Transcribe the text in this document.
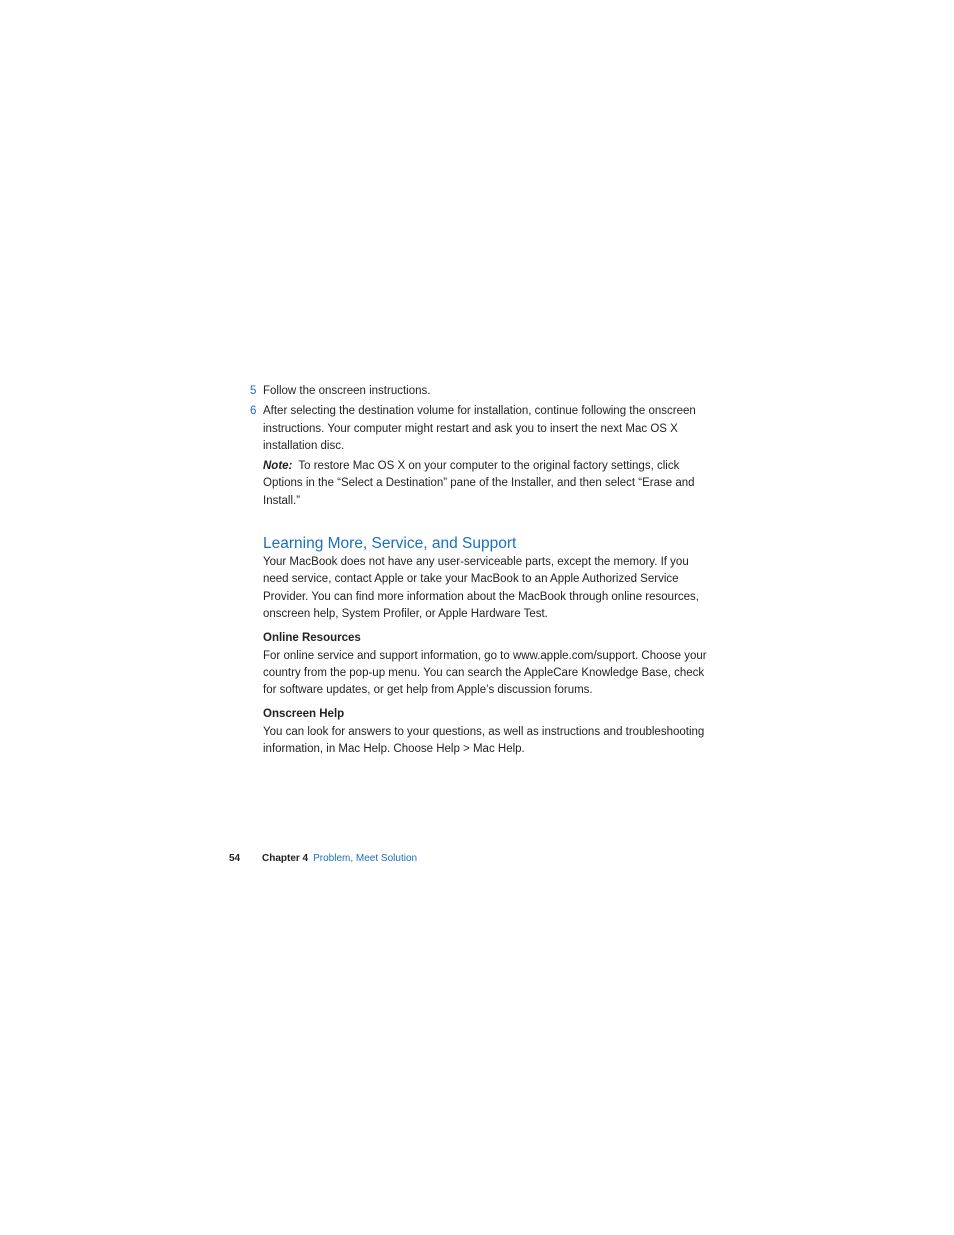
5 Follow the onscreen instructions.
6 After selecting the destination volume for installation, continue following the onscreen instructions. Your computer might restart and ask you to insert the next Mac OS X installation disc.

Note: To restore Mac OS X on your computer to the original factory settings, click Options in the “Select a Destination” pane of the Installer, and then select “Erase and Install.”

Learning More, Service, and Support

Your MacBook does not have any user-serviceable parts, except the memory. If you need service, contact Apple or take your MacBook to an Apple Authorized Service Provider. You can find more information about the MacBook through online resources, onscreen help, System Profiler, or Apple Hardware Test.

Online Resources

For online service and support information, go to www.apple.com/support. Choose your country from the pop-up menu. You can search the AppleCare Knowledge Base, check for software updates, or get help from Apple’s discussion forums.

Onscreen Help

You can look for answers to your questions, as well as instructions and troubleshooting information, in Mac Help. Choose Help > Mac Help.

54 Chapter 4 Problem, Meet Solution
